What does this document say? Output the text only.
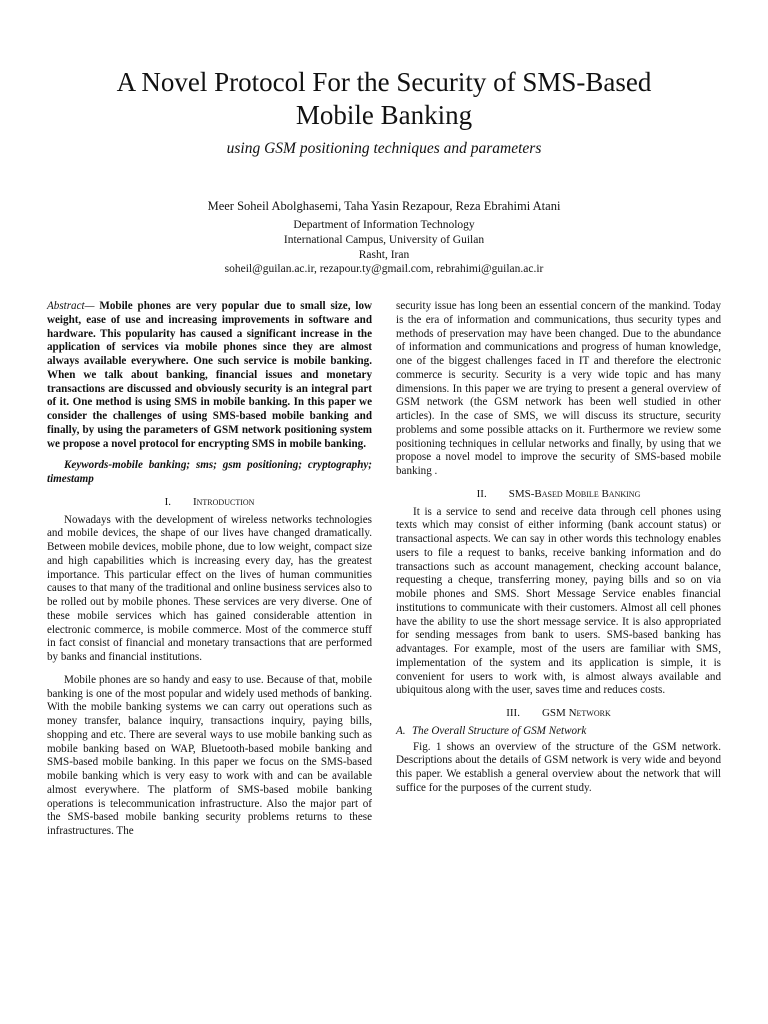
A Novel Protocol For the Security of SMS-Based
Mobile Banking
using GSM positioning techniques and parameters
Meer Soheil Abolghasemi, Taha Yasin Rezapour, Reza Ebrahimi Atani
Department of Information Technology
International Campus, University of Guilan
Rasht, Iran
soheil@guilan.ac.ir, rezapour.ty@gmail.com, rebrahimi@guilan.ac.ir

Abstract— Mobile phones are very popular due to small size, low weight, ease of use and increasing improvements in software and hardware. This popularity has caused a significant increase in the application of services via mobile phones since they are almost always available everywhere. One such service is mobile banking. When we talk about banking, financial issues and monetary transactions are discussed and obviously security is an integral part of it. One method is using SMS in mobile banking. In this paper we consider the challenges of using SMS-based mobile banking and finally, by using the parameters of GSM network positioning system we propose a novel protocol for encrypting SMS in mobile banking.

Keywords-mobile banking; sms; gsm positioning; cryptography; timestamp

I. Introduction

Nowadays with the development of wireless networks technologies and mobile devices, the shape of our lives have changed dramatically. Between mobile devices, mobile phone, due to low weight, compact size and high capabilities which is increasing every day, has the greatest importance. This particular effect on the lives of human communities causes to that many of the traditional and online business services also to be rolled out by mobile phones. These services are very diverse. One of these mobile services which has gained considerable attention in electronic commerce, is mobile commerce. Most of the commerce stuff in fact consist of financial and monetary transactions that are performed by banks and financial institutions.

Mobile phones are so handy and easy to use. Because of that, mobile banking is one of the most popular and widely used methods of banking. With the mobile banking systems we can carry out operations such as money transfer, balance inquiry, transactions inquiry, paying bills, shopping and etc. There are several ways to use mobile banking such as mobile banking based on WAP, Bluetooth-based mobile banking and SMS-based mobile banking. In this paper we focus on the SMS-based mobile banking which is very easy to work with and can be available almost everywhere. The platform of SMS-based mobile banking operations is telecommunication infrastructure. Also the major part of the SMS-based mobile banking security problems returns to these infrastructures. The

security issue has long been an essential concern of the mankind. Today is the era of information and communications, thus security types and methods of preservation may have been changed. Due to the abundance of information and communications and progress of human knowledge, one of the biggest challenges faced in IT and therefore the electronic commerce is security. Security is a very wide topic and has many dimensions. In this paper we are trying to present a general overview of GSM network (the GSM network has been well studied in other articles). In the case of SMS, we will discuss its structure, security problems and some possible attacks on it. Furthermore we review some positioning techniques in cellular networks and finally, by using that we propose a novel model to improve the security of SMS-based mobile banking .

II. SMS-Based Mobile Banking

It is a service to send and receive data through cell phones using texts which may consist of either informing (bank account status) or transactional aspects. We can say in other words this technology enables users to file a request to banks, receive banking information and do transactions such as account management, checking account balance, requesting a cheque, transferring money, paying bills and so on via mobile phones and SMS. Short Message Service enables financial institutions to communicate with their customers. Almost all cell phones have the ability to use the short message service. It is also appropriated for sending messages from bank to users. SMS-based banking has advantages. For example, most of the users are familiar with SMS, implementation of the system and its application is simple, it is convenient for users to work with, is almost always available and ubiquitous along with the user, saves time and reduces costs.

III. GSM Network
A. The Overall Structure of GSM Network

Fig. 1 shows an overview of the structure of the GSM network. Descriptions about the details of GSM network is very wide and beyond this paper. We establish a general overview about the network that will suffice for the purposes of the current study.
